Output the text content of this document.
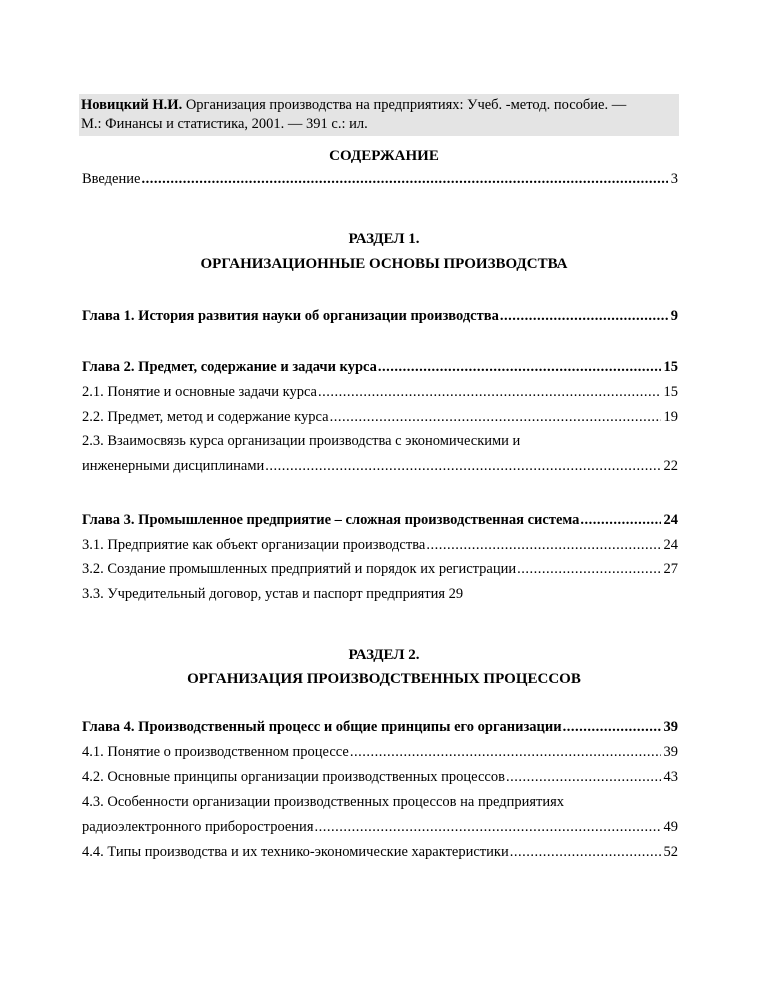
Новицкий Н.И. Организация производства на предприятиях: Учеб. -метод. пособие. —
М.: Финансы и статистика, 2001. — 391 с.: ил.
СОДЕРЖАНИЕ
Введение .....	3
РАЗДЕЛ 1.
ОРГАНИЗАЦИОННЫЕ ОСНОВЫ ПРОИЗВОДСТВА
Глава 1. История развития науки об организации производства .....	9
Глава 2. Предмет, содержание и задачи курса .....	15
2.1. Понятие и основные задачи курса .....	15
2.2. Предмет, метод и содержание курса .....	19
2.3. Взаимосвязь курса организации производства с экономическими и
инженерными дисциплинами .....	22
Глава 3. Промышленное предприятие – сложная производственная система .....	24
3.1. Предприятие как объект организации производства .....	24
3.2. Создание промышленных предприятий и порядок их регистрации .....	27
3.3. Учредительный договор, устав и паспорт предприятия 29
РАЗДЕЛ 2.
ОРГАНИЗАЦИЯ ПРОИЗВОДСТВЕННЫХ ПРОЦЕССОВ
Глава 4. Производственный процесс и общие принципы его организации .....	39
4.1. Понятие о производственном процессе .....	39
4.2. Основные принципы организации производственных процессов .....	43
4.3. Особенности организации производственных процессов на предприятиях
радиоэлектронного приборостроения .....	49
4.4. Типы производства и их технико-экономические характеристики .....	52
